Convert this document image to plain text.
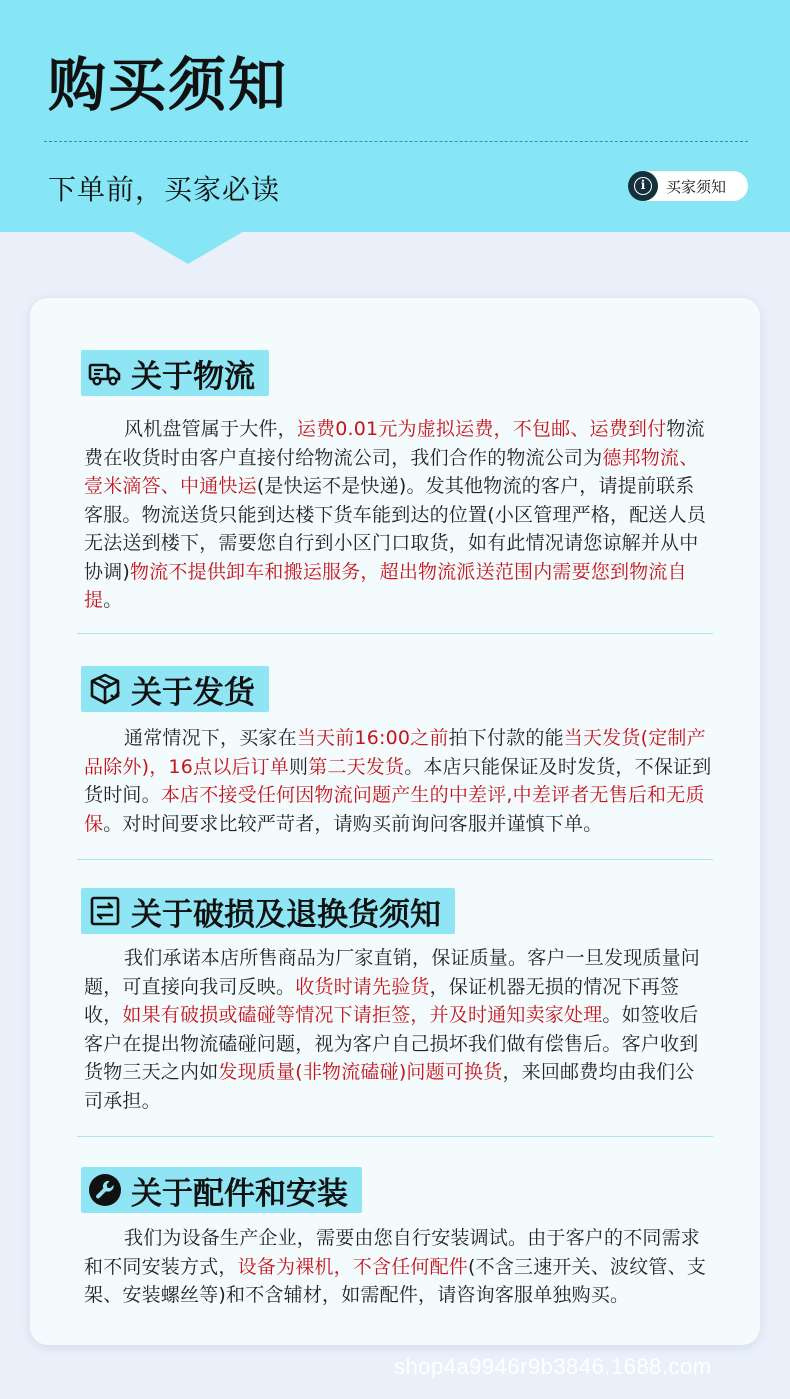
购买须知
下单前，买家必读	i	买家须知
关于物流
风机盘管属于大件，运费0.01元为虚拟运费，不包邮、运费到付物流费在收货时由客户直接付给物流公司，我们合作的物流公司为德邦物流、壹米滴答、中通快运(是快运不是快递)。发其他物流的客户，请提前联系客服。物流送货只能到达楼下货车能到达的位置(小区管理严格，配送人员无法送到楼下，需要您自行到小区门口取货，如有此情况请您谅解并从中协调)物流不提供卸车和搬运服务，超出物流派送范围内需要您到物流自提。
关于发货
通常情况下，买家在当天前16:00之前拍下付款的能当天发货(定制产品除外)，16点以后订单则第二天发货。本店只能保证及时发货，不保证到货时间。本店不接受任何因物流问题产生的中差评,中差评者无售后和无质保。对时间要求比较严苛者，请购买前询问客服并谨慎下单。
关于破损及退换货须知
我们承诺本店所售商品为厂家直销，保证质量。客户一旦发现质量问题，可直接向我司反映。收货时请先验货，保证机器无损的情况下再签收，如果有破损或磕碰等情况下请拒签，并及时通知卖家处理。如签收后客户在提出物流磕碰问题，视为客户自己损坏我们做有偿售后。客户收到货物三天之内如发现质量(非物流磕碰)问题可换货，来回邮费均由我们公司承担。
关于配件和安装
我们为设备生产企业，需要由您自行安装调试。由于客户的不同需求和不同安装方式，设备为裸机，不含任何配件(不含三速开关、波纹管、支架、安装螺丝等)和不含辅材，如需配件，请咨询客服单独购买。
shop4a9946r9b3846.1688.com
